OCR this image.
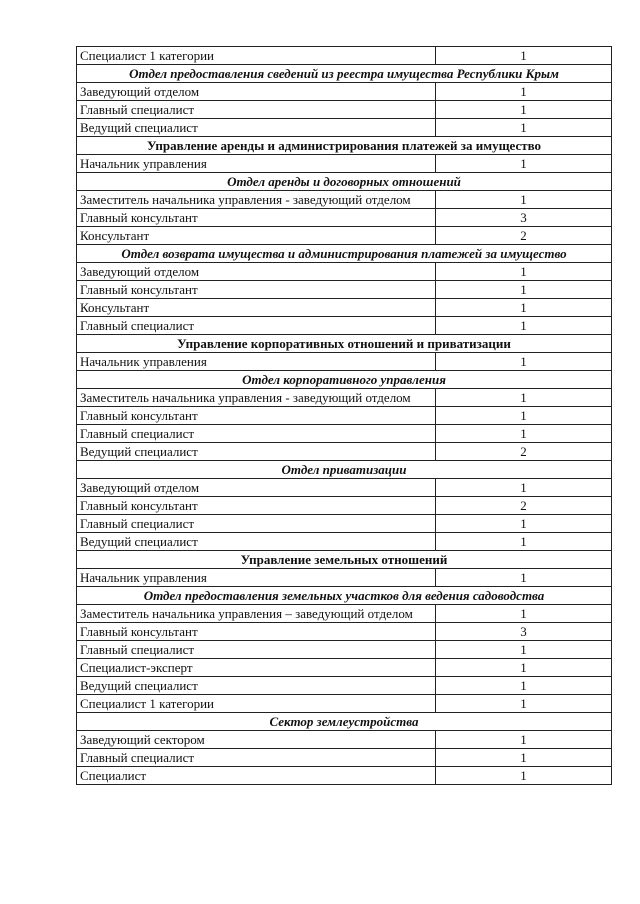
Специалист 1 категории	1
Отдел предоставления сведений из реестра имущества Республики Крым	
Заведующий отделом	1
Главный специалист	1
Ведущий специалист	1
Управление аренды и администрирования платежей за имущество	
Начальник управления	1
Отдел аренды и договорных отношений	
Заместитель начальника управления - заведующий отделом	1
Главный консультант	3
Консультант	2
Отдел возврата имущества и администрирования платежей за имущество	
Заведующий отделом	1
Главный консультант	1
Консультант	1
Главный специалист	1
Управление корпоративных отношений и приватизации	
Начальник управления	1
Отдел корпоративного управления	
Заместитель начальника управления - заведующий отделом	1
Главный консультант	1
Главный специалист	1
Ведущий специалист	2
Отдел приватизации	
Заведующий отделом	1
Главный консультант	2
Главный специалист	1
Ведущий специалист	1
Управление земельных отношений	
Начальник управления	1
Отдел предоставления земельных участков для ведения садоводства	
Заместитель начальника управления – заведующий отделом	1
Главный консультант	3
Главный специалист	1
Специалист-эксперт	1
Ведущий специалист	1
Специалист 1 категории	1
Сектор землеустройства	
Заведующий сектором	1
Главный специалист	1
Специалист	1
